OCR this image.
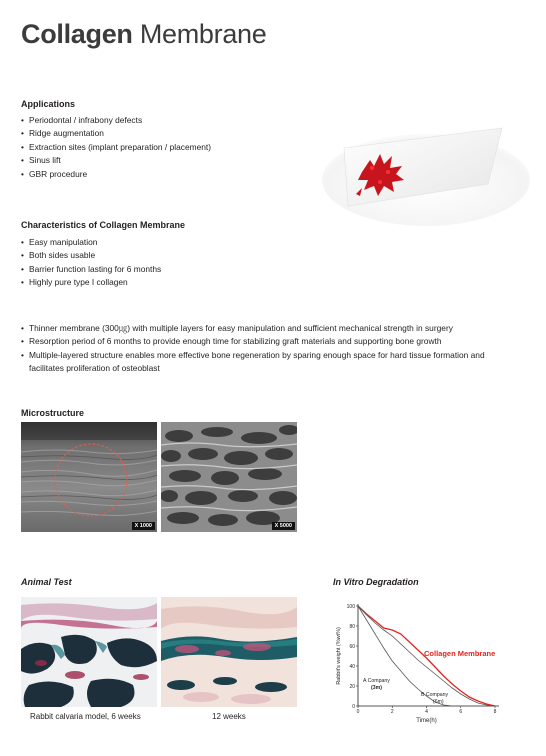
Collagen Membrane
Applications
• Periodontal / infrabony defects
• Ridge augmentation
• Extraction sites (implant preparation / placement)
• Sinus lift
• GBR procedure
Characteristics of Collagen Membrane
• Easy manipulation
• Both sides usable
• Barrier function lasting for 6 months
• Highly pure type I collagen
• Thinner membrane (300㎍) with multiple layers for easy manipulation and sufficient mechanical strength in surgery
• Resorption period of 6 months to provide enough time for stabilizing graft materials and supporting bone growth
• Multiple-layered structure enables more effective bone regeneration by sparing enough space for hard tissue formation and facilitates proliferation of osteoblast
Microstructure
X 1000	X 5000
Animal Test
Rabbit calvaria model, 6 weeks	12 weeks
In Vitro Degradation
0
20
40
60
80
100
0	2	4	6	8
Time(h)
Rabbit's weight (%wt%)	Collagen Membrane
A Company
(3m)
B Company
(6m)
